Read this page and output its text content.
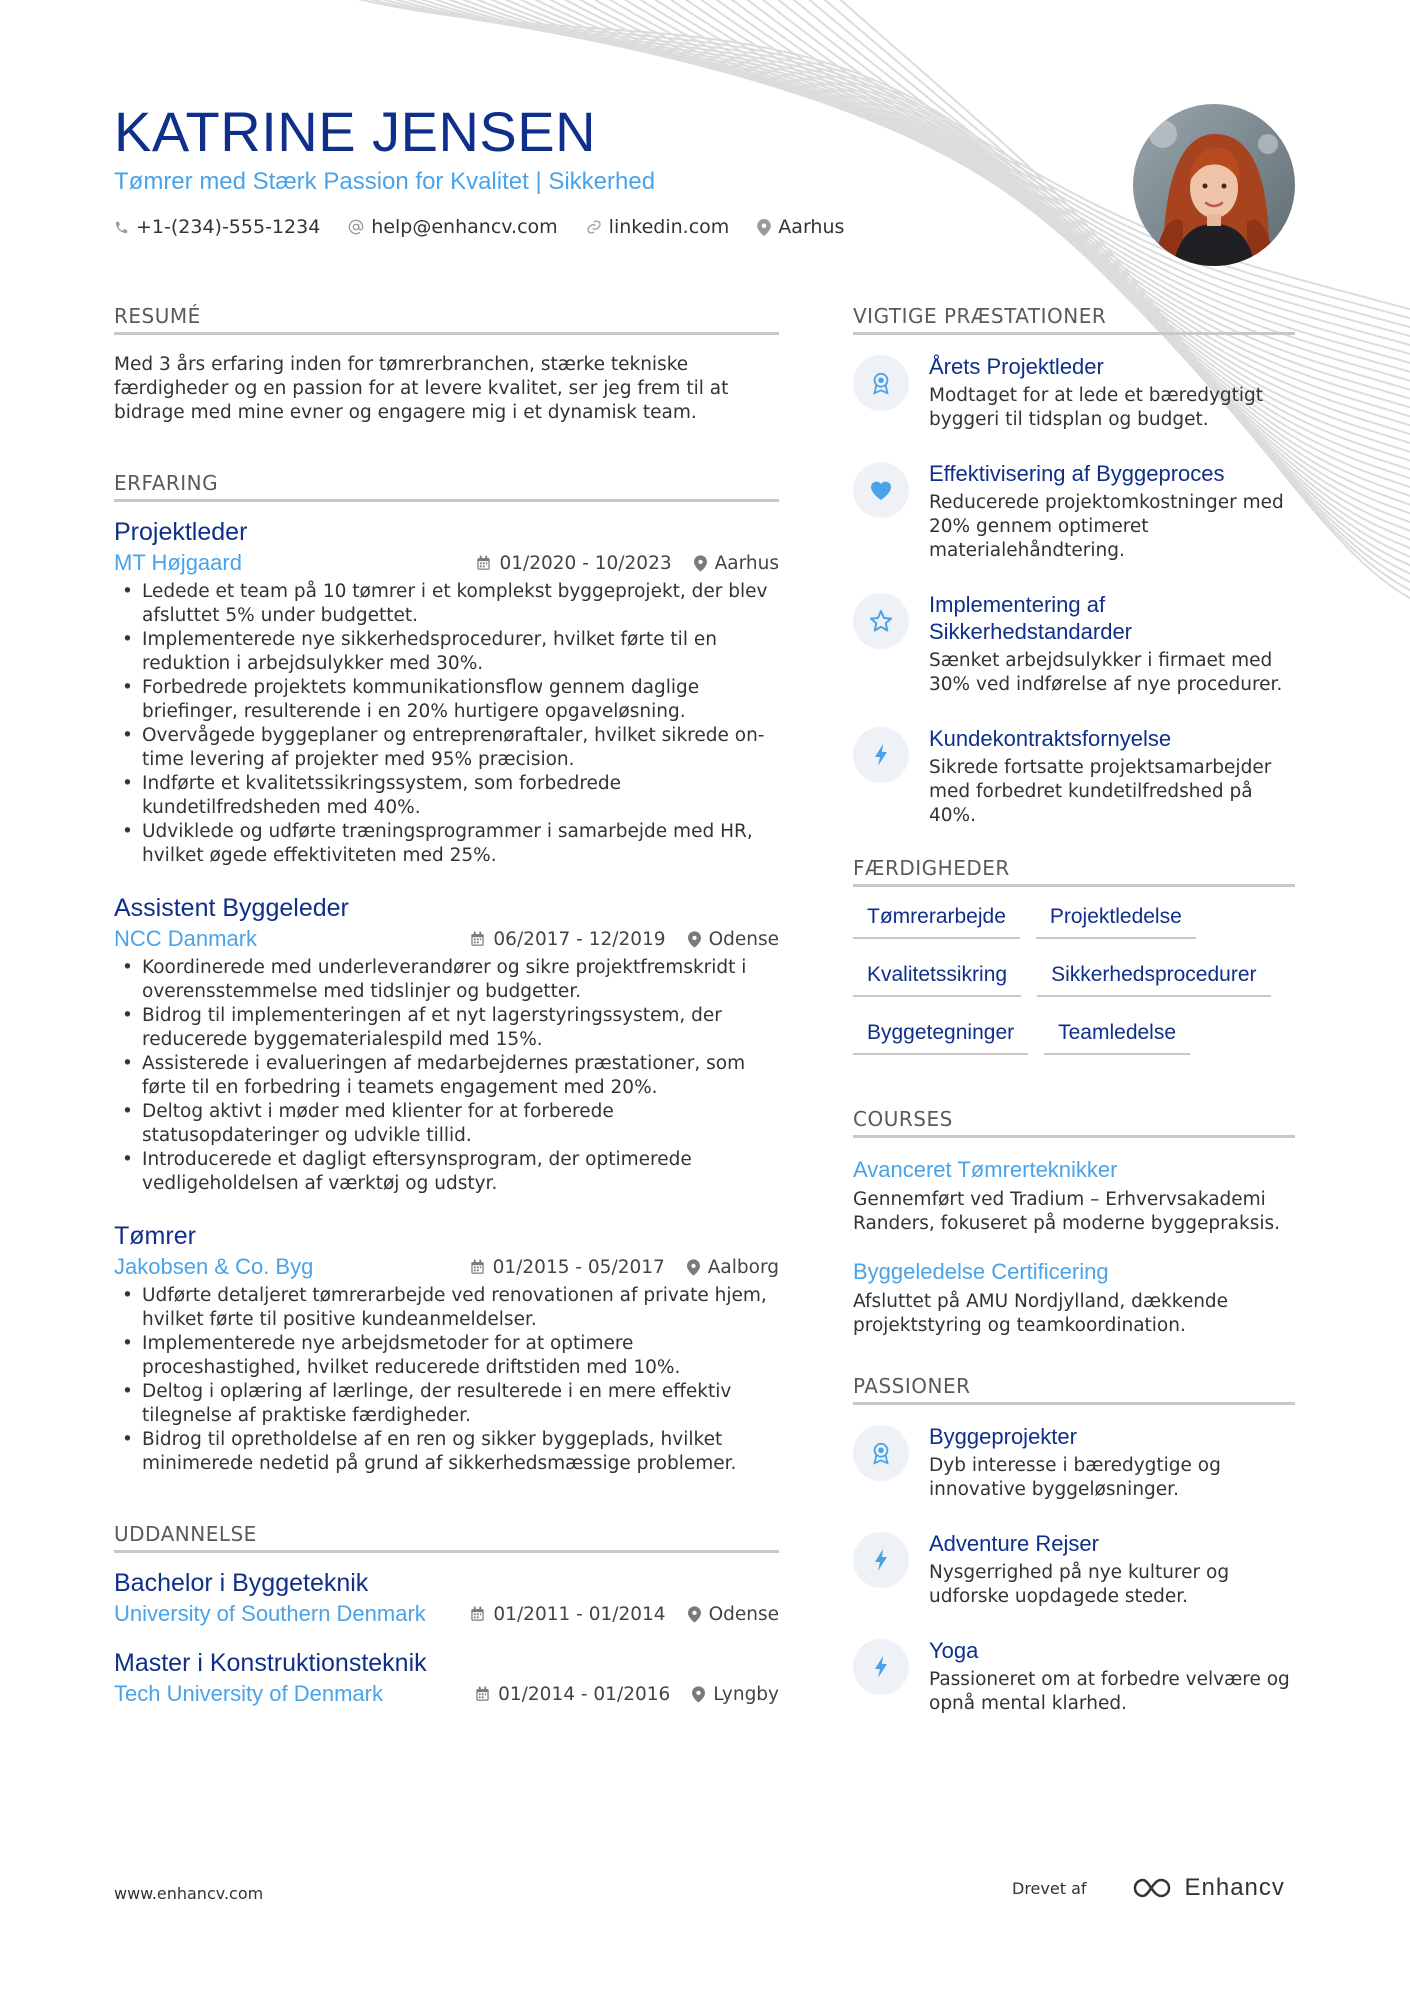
KATRINE JENSEN
Tømrer med Stærk Passion for Kvalitet | Sikkerhed
+1-(234)-555-1234	help@enhancv.com	linkedin.com	Aarhus
RESUMÉ
Med 3 års erfaring inden for tømrerbranchen, stærke tekniske færdigheder og en passion for at levere kvalitet, ser jeg frem til at bidrage med mine evner og engagere mig i et dynamisk team.
ERFARING
Projektleder
MT Højgaard	01/2020 - 10/2023 Aarhus
• Ledede et team på 10 tømrer i et komplekst byggeprojekt, der blev afsluttet 5% under budgettet.
• Implementerede nye sikkerhedsprocedurer, hvilket førte til en reduktion i arbejdsulykker med 30%.
• Forbedrede projektets kommunikationsflow gennem daglige briefinger, resulterende i en 20% hurtigere opgaveløsning.
• Overvågede byggeplaner og entreprenøraftaler, hvilket sikrede on-time levering af projekter med 95% præcision.
• Indførte et kvalitetssikringssystem, som forbedrede kundetilfredsheden med 40%.
• Udviklede og udførte træningsprogrammer i samarbejde med HR, hvilket øgede effektiviteten med 25%.
Assistent Byggeleder
NCC Danmark	06/2017 - 12/2019 Odense
• Koordinerede med underleverandører og sikre projektfremskridt i overensstemmelse med tidslinjer og budgetter.
• Bidrog til implementeringen af et nyt lagerstyringssystem, der reducerede byggematerialespild med 15%.
• Assisterede i evalueringen af medarbejdernes præstationer, som førte til en forbedring i teamets engagement med 20%.
• Deltog aktivt i møder med klienter for at forberede statusopdateringer og udvikle tillid.
• Introducerede et dagligt eftersynsprogram, der optimerede vedligeholdelsen af værktøj og udstyr.
Tømrer
Jakobsen & Co. Byg	01/2015 - 05/2017 Aalborg
• Udførte detaljeret tømrerarbejde ved renovationen af private hjem, hvilket førte til positive kundeanmeldelser.
• Implementerede nye arbejdsmetoder for at optimere proceshastighed, hvilket reducerede driftstiden med 10%.
• Deltog i oplæring af lærlinge, der resulterede i en mere effektiv tilegnelse af praktiske færdigheder.
• Bidrog til opretholdelse af en ren og sikker byggeplads, hvilket minimerede nedetid på grund af sikkerhedsmæssige problemer.
UDDANNELSE
Bachelor i Byggeteknik
University of Southern Denmark	01/2011 - 01/2014 Odense
Master i Konstruktionsteknik
Tech University of Denmark	01/2014 - 01/2016 Lyngby
VIGTIGE PRÆSTATIONER
Årets Projektleder
Modtaget for at lede et bæredygtigt byggeri til tidsplan og budget.
Effektivisering af Byggeproces
Reducerede projektomkostninger med 20% gennem optimeret materialehåndtering.
Implementering af Sikkerhedstandarder
Sænket arbejdsulykker i firmaet med 30% ved indførelse af nye procedurer.
Kundekontraktsfornyelse
Sikrede fortsatte projektsamarbejder med forbedret kundetilfredshed på 40%.
FÆRDIGHEDER
Tømrerarbejde	Projektledelse
Kvalitetssikring	Sikkerhedsprocedurer
Byggetegninger	Teamledelse
COURSES
Avanceret Tømrerteknikker
Gennemført ved Tradium – Erhvervsakademi Randers, fokuseret på moderne byggepraksis.
Byggeledelse Certificering
Afsluttet på AMU Nordjylland, dækkende projektstyring og teamkoordination.
PASSIONER
Byggeprojekter
Dyb interesse i bæredygtige og innovative byggeløsninger.
Adventure Rejser
Nysgerrighed på nye kulturer og udforske uopdagede steder.
Yoga
Passioneret om at forbedre velvære og opnå mental klarhed.
www.enhancv.com	Drevet af	Enhancv
